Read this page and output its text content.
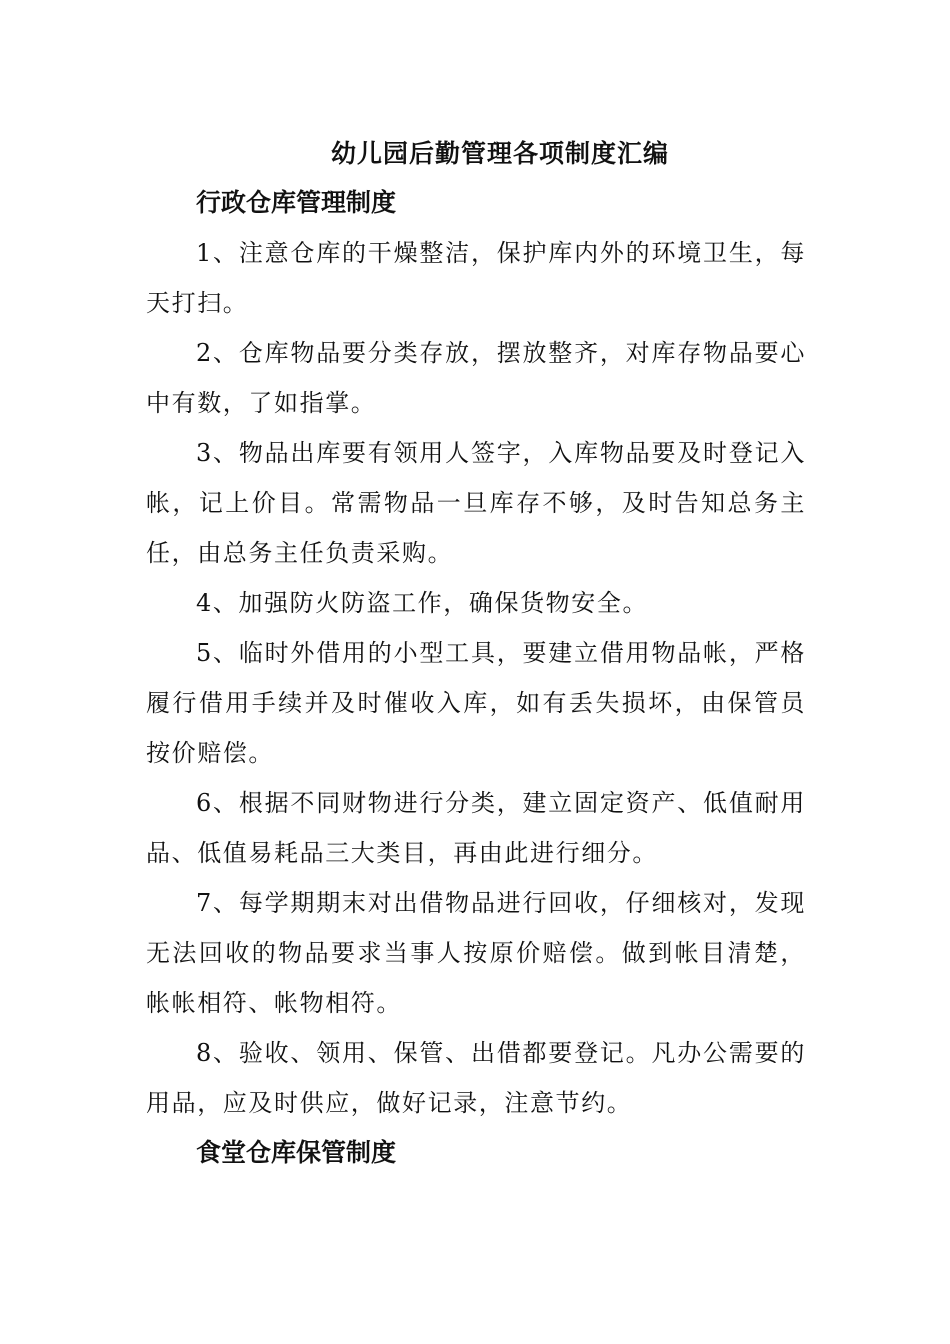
幼儿园后勤管理各项制度汇编
行政仓库管理制度

1、注意仓库的干燥整洁，保护库内外的环境卫生，每天打扫。

2、仓库物品要分类存放，摆放整齐，对库存物品要心中有数，了如指掌。

3、物品出库要有领用人签字，入库物品要及时登记入帐，记上价目。常需物品一旦库存不够，及时告知总务主任，由总务主任负责采购。

4、加强防火防盗工作，确保货物安全。

5、临时外借用的小型工具，要建立借用物品帐，严格履行借用手续并及时催收入库，如有丢失损坏，由保管员按价赔偿。

6、根据不同财物进行分类，建立固定资产、低值耐用品、低值易耗品三大类目，再由此进行细分。

7、每学期期末对出借物品进行回收，仔细核对，发现无法回收的物品要求当事人按原价赔偿。做到帐目清楚，帐帐相符、帐物相符。

8、验收、领用、保管、出借都要登记。凡办公需要的用品，应及时供应，做好记录，注意节约。

食堂仓库保管制度
